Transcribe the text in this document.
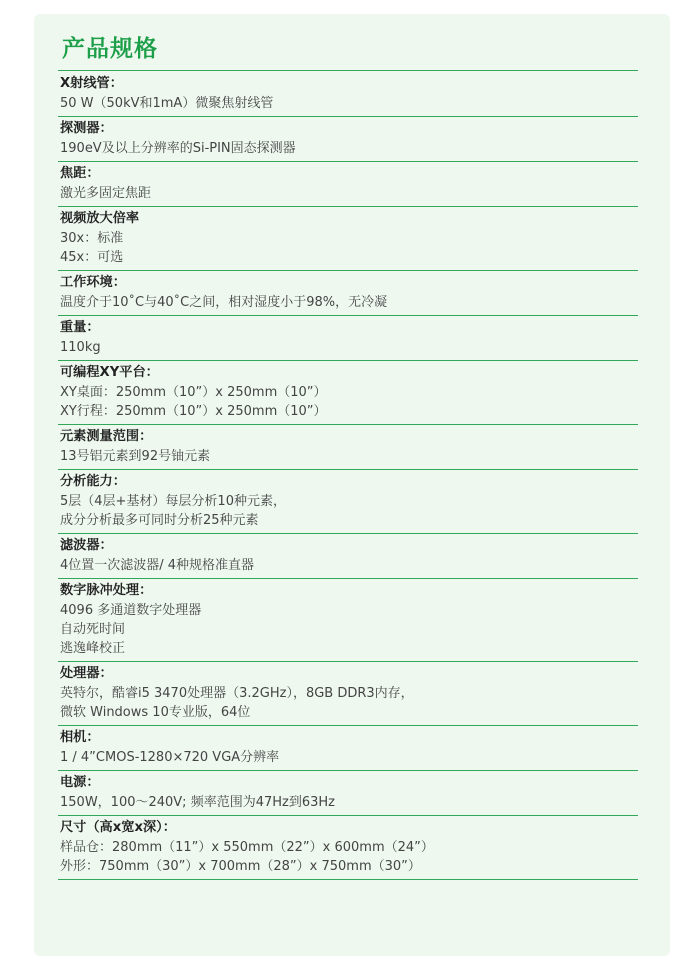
产品规格
X射线管：
50 W（50kV和1mA）微聚焦射线管
探测器：
190eV及以上分辨率的Si-PIN固态探测器
焦距：
激光多固定焦距
视频放大倍率
30x：标准
45x：可选
工作环境：
温度介于10˚C与40˚C之间，相对湿度小于98%，无冷凝
重量：
110kg
可编程XY平台：
XY桌面：250mm（10”）x 250mm（10”）
XY行程：250mm（10”）x 250mm（10”）
元素测量范围：
13号铝元素到92号铀元素
分析能力：
5层（4层+基材）每层分析10种元素，
成分分析最多可同时分析25种元素
滤波器：
4位置一次滤波器/ 4种规格准直器
数字脉冲处理：
4096 多通道数字处理器
自动死时间
逃逸峰校正
处理器：
英特尔，酷睿i5 3470处理器（3.2GHz），8GB DDR3内存，
微软 Windows 10专业版，64位
相机：
1 / 4”CMOS-1280×720 VGA分辨率
电源：
150W，100～240V; 频率范围为47Hz到63Hz
尺寸（高x宽x深）：
样品仓：280mm（11”）x 550mm（22”）x 600mm（24”）
外形：750mm（30”）x 700mm（28”）x 750mm（30”）
